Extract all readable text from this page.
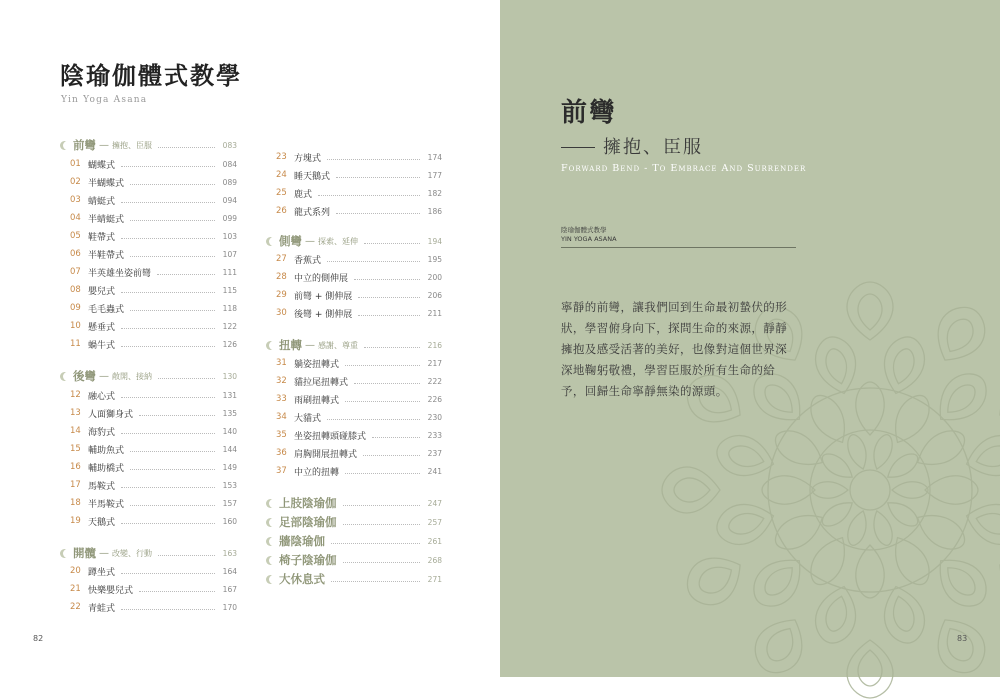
陰瑜伽體式教學
Yin Yoga Asana
前彎 — 擁抱、臣服	083
01 蝴蝶式	084
02 半蝴蝶式	089
03 蜻蜓式	094
04 半蜻蜓式	099
05 鞋帶式	103
06 半鞋帶式	107
07 半英雄坐姿前彎	111
08 嬰兒式	115
09 毛毛蟲式	118
10 懸垂式	122
11 蝸牛式	126
後彎 — 敞開、接納	130
12 融心式	131
13 人面獅身式	135
14 海豹式	140
15 輔助魚式	144
16 輔助橋式	149
17 馬鞍式	153
18 半馬鞍式	157
19 天鵝式	160
開髖 — 改變、行動	163
20 蹲坐式	164
21 快樂嬰兒式	167
22 青蛙式	170
23 方塊式	174
24 睡天鵝式	177
25 鹿式	182
26 龍式系列	186
側彎 — 探索、延伸	194
27 香蕉式	195
28 中立的側伸展	200
29 前彎 + 側伸展	206
30 後彎 + 側伸展	211
扭轉 — 感謝、尊重	216
31 躺姿扭轉式	217
32 貓拉尾扭轉式	222
33 雨刷扭轉式	226
34 大貓式	230
35 坐姿扭轉頭碰膝式	233
36 肩胸開展扭轉式	237
37 中立的扭轉	241
上肢陰瑜伽	247
足部陰瑜伽	257
牆陰瑜伽	261
椅子陰瑜伽	268
大休息式	271
82
前彎
擁抱、臣服
Forward Bend - To Embrace And Surrender
陰瑜伽體式教學
YIN YOGA ASANA
寧靜的前彎，讓我們回到生命最初蟄伏的形狀，學習俯身向下，探問生命的來源，靜靜擁抱及感受活著的美好，也像對這個世界深深地鞠躬敬禮，學習臣服於所有生命的給予，回歸生命寧靜無染的源頭。
83
